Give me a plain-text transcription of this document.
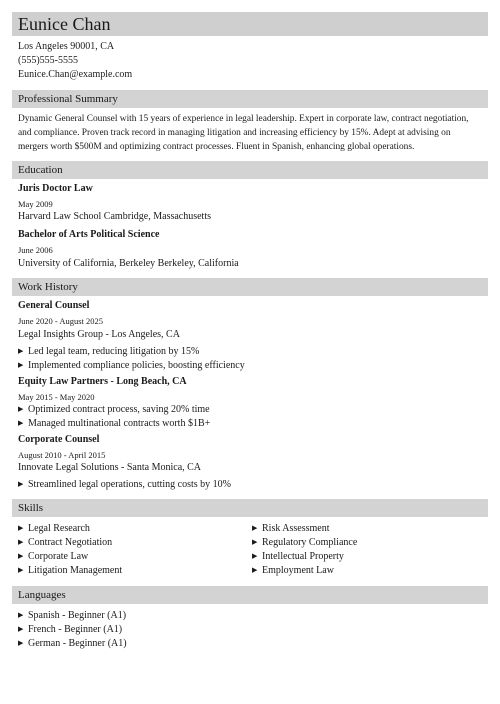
Eunice Chan
Los Angeles 90001, CA
(555)555-5555
Eunice.Chan@example.com
Professional Summary
Dynamic General Counsel with 15 years of experience in legal leadership. Expert in corporate law, contract negotiation, and compliance. Proven track record in managing litigation and increasing efficiency by 15%. Adept at advising on mergers worth $500M and optimizing contract processes. Fluent in Spanish, enhancing global operations.
Education
Juris Doctor Law
May 2009
Harvard Law School Cambridge, Massachusetts
Bachelor of Arts Political Science
June 2006
University of California, Berkeley Berkeley, California
Work History
General Counsel
June 2020 - August 2025
Legal Insights Group - Los Angeles, CA
▶ Led legal team, reducing litigation by 15%
▶ Implemented compliance policies, boosting efficiency
Equity Law Partners - Long Beach, CA
May 2015 - May 2020
▶ Optimized contract process, saving 20% time
▶ Managed multinational contracts worth $1B+
Corporate Counsel
August 2010 - April 2015
Innovate Legal Solutions - Santa Monica, CA
▶ Streamlined legal operations, cutting costs by 10%
Skills
▶ Legal Research
▶ Contract Negotiation
▶ Corporate Law
▶ Litigation Management
▶ Risk Assessment
▶ Regulatory Compliance
▶ Intellectual Property
▶ Employment Law
Languages
▶ Spanish - Beginner (A1)
▶ French - Beginner (A1)
▶ German - Beginner (A1)
